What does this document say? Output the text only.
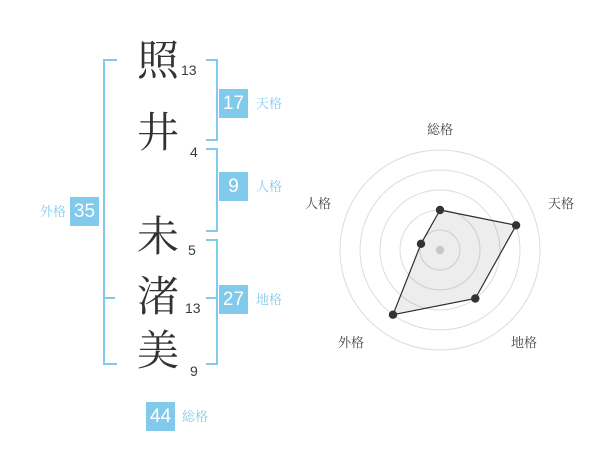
照
井
未
渚
美
13
4
5
13
9
17 天格
9	人格
27 地格
35
外格
44 総格
総格
天格
地格
外格
人格
